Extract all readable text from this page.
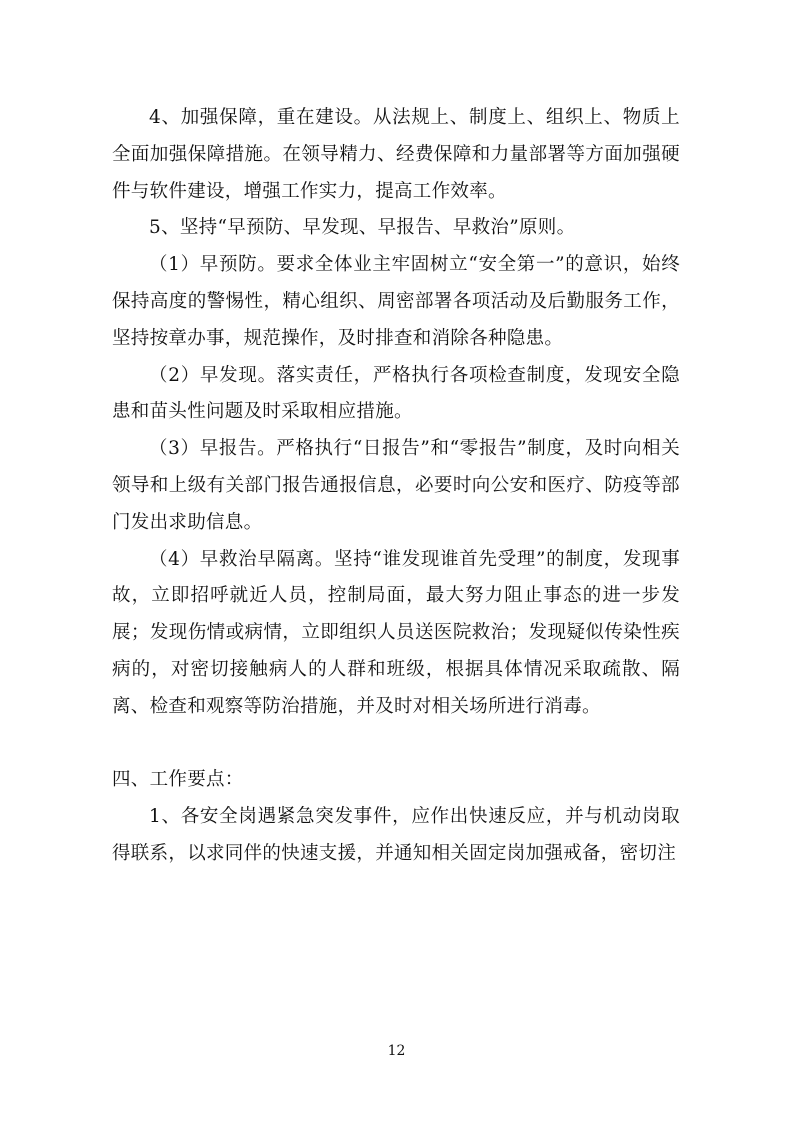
4、加强保障，重在建设。从法规上、制度上、组织上、物质上全面加强保障措施。在领导精力、经费保障和力量部署等方面加强硬件与软件建设，增强工作实力，提高工作效率。

5、坚持“早预防、早发现、早报告、早救治”原则。

（1）早预防。要求全体业主牢固树立“安全第一”的意识，始终保持高度的警惕性，精心组织、周密部署各项活动及后勤服务工作，坚持按章办事，规范操作，及时排查和消除各种隐患。

（2）早发现。落实责任，严格执行各项检查制度，发现安全隐患和苗头性问题及时采取相应措施。

（3）早报告。严格执行“日报告”和“零报告”制度，及时向相关领导和上级有关部门报告通报信息，必要时向公安和医疗、防疫等部门发出求助信息。

（4）早救治早隔离。坚持“谁发现谁首先受理”的制度，发现事故，立即招呼就近人员，控制局面，最大努力阻止事态的进一步发展；发现伤情或病情，立即组织人员送医院救治；发现疑似传染性疾病的，对密切接触病人的人群和班级，根据具体情况采取疏散、隔离、检查和观察等防治措施，并及时对相关场所进行消毒。

四、工作要点：

1、各安全岗遇紧急突发事件，应作出快速反应，并与机动岗取得联系，以求同伴的快速支援，并通知相关固定岗加强戒备，密切注

12
